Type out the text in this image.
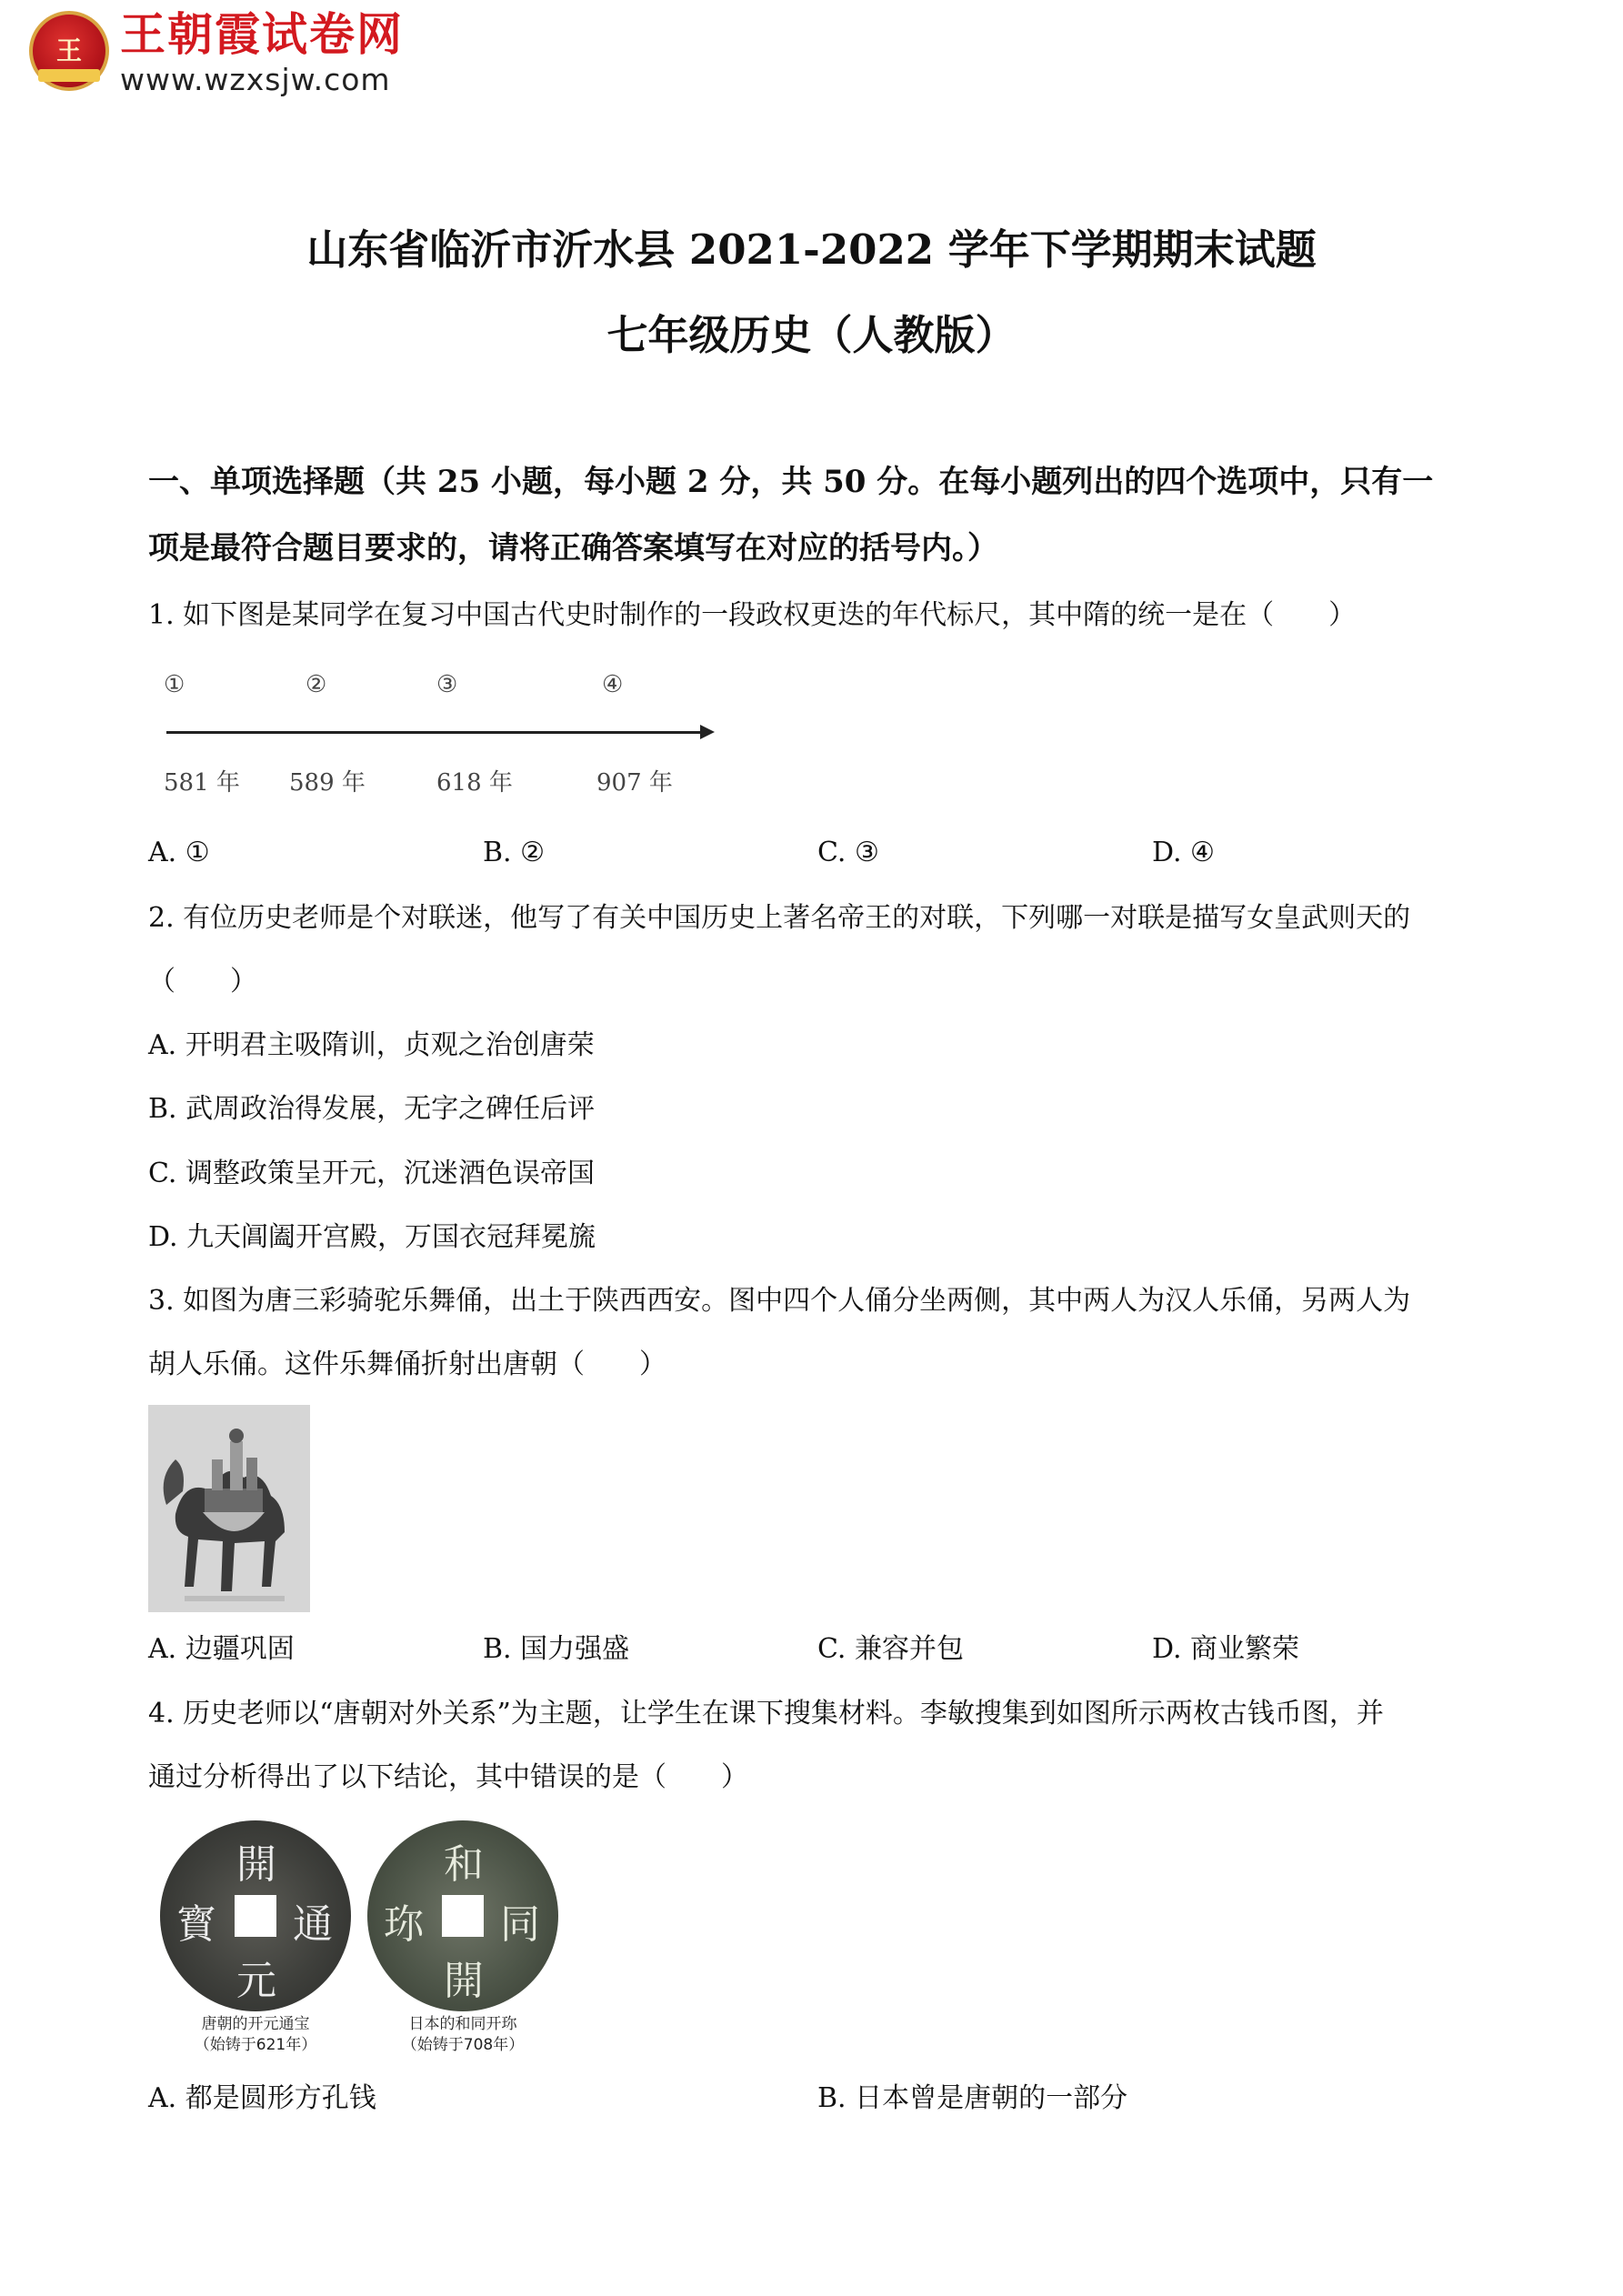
王 王朝霞试卷网
www.wzxsjw.com
山东省临沂市沂水县 2021-2022 学年下学期期末试题
七年级历史（人教版）
一、单项选择题（共 25 小题，每小题 2 分，共 50 分。在每小题列出的四个选项中，只有一
项是最符合题目要求的，请将正确答案填写在对应的括号内。）
1. 如下图是某同学在复习中国古代史时制作的一段政权更迭的年代标尺，其中隋的统一是在（　　）
①	②	③	④
581 年 589 年	618 年	907 年
A. ①	B. ②	C. ③	D. ④
2. 有位历史老师是个对联迷，他写了有关中国历史上著名帝王的对联，下列哪一对联是描写女皇武则天的
（　　）
A. 开明君主吸隋训，贞观之治创唐荣
B. 武周政治得发展，无字之碑任后评
C. 调整政策呈开元，沉迷酒色误帝国
D. 九天阊阖开宫殿，万国衣冠拜冕旒
3. 如图为唐三彩骑驼乐舞俑，出土于陕西西安。图中四个人俑分坐两侧，其中两人为汉人乐俑，另两人为
胡人乐俑。这件乐舞俑折射出唐朝（　　）
A. 边疆巩固	B. 国力强盛	C. 兼容并包	D. 商业繁荣
4. 历史老师以“唐朝对外关系”为主题，让学生在课下搜集材料。李敏搜集到如图所示两枚古钱币图，并
通过分析得出了以下结论，其中错误的是（　　）
開
元
通
寳
和
同
開
珎
唐朝的开元通宝
（始铸于621年）
日本的和同开珎
（始铸于708年）
A. 都是圆形方孔钱	B. 日本曾是唐朝的一部分
